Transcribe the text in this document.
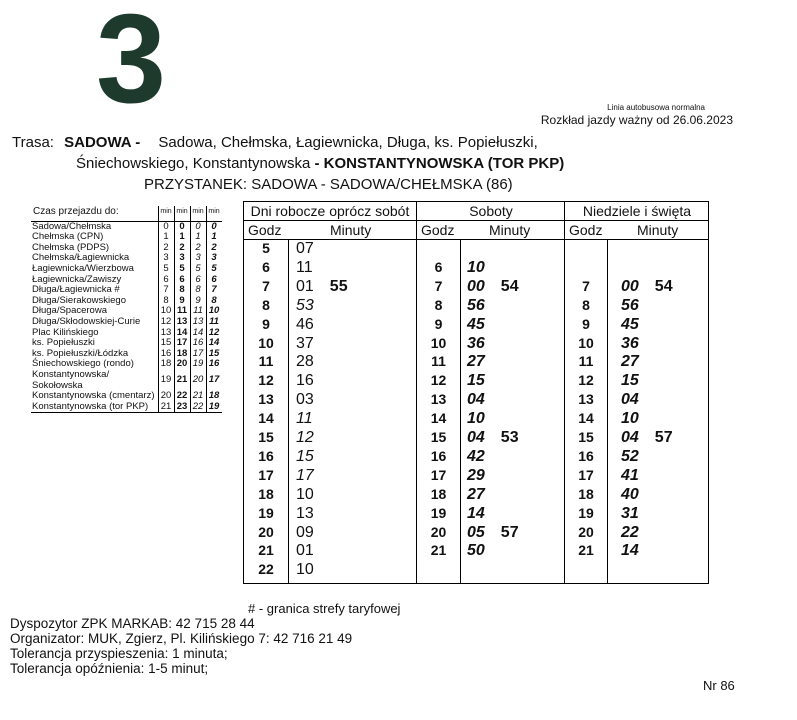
3	Linia autobusowa normalna
Rozkład jazdy ważny od 26.06.2023
Trasa: SADOWA - Sadowa, Chełmska, Łagiewnicka, Długa, ks. Popiełuszki,
Śniechowskiego, Konstantynowska - KONSTANTYNOWSKA (TOR PKP)
PRZYSTANEK: SADOWA - SADOWA/CHEŁMSKA (86)
Czas przejazdu do:	min	min	min	min
Sadowa/Chełmska	0	0	0	0
Chełmska (CPN)	1	1	1	1
Chełmska (PDPS)	2	2	2	2
Chełmska/Łagiewnicka	3	3	3	3
Łagiewnicka/Wierzbowa	5	5	5	5
Łagiewnicka/Zawiszy	6	6	6	6
Długa/Łagiewnicka #	7	8	8	7
Długa/Sierakowskiego	8	9	9	8
Długa/Spacerowa	10	11	11	10
Długa/Skłodowskiej-Curie	12	13	13	11
Plac Kilińskiego	13	14	14	12
ks. Popiełuszki	15	17	16	14
ks. Popiełuszki/Łódzka	16	18	17	15
Śniechowskiego (rondo)	18	20	19	16
Konstantynowska/ Sokołowska	19	21	20	17
Konstantynowska (cmentarz)	20	22	21	18
Konstantynowska (tor PKP)	21	23	22	19
Dni robocze oprócz sobót
Godz	Minuty
5	07
6	11
7	01 55
8	53
9	46
10	37
11	28
12	16
13	03
14	11
15	12
16	15
17	17
18	10
19	13
20	09
21	01
22	10
Soboty
Godz Minuty
6	10
7	00 54
8	56
9	45
10	36
11	27
12	15
13	04
14	10
15	04 53
16	42
17	29
18	27
19	14
20	05 57
21	50
Niedziele i święta
Godz Minuty
7	00 54
8	56
9	45
10	36
11	27
12	15
13	04
14	10
15	04 57
16	52
17	41
18	40
19	31
20	22
21	14
# - granica strefy taryfowej
Dyspozytor ZPK MARKAB: 42 715 28 44
Organizator: MUK, Zgierz, Pl. Kilińskiego 7: 42 716 21 49
Tolerancja przyspieszenia: 1 minuta;
Tolerancja opóźnienia: 1-5 minut;
Nr 86
